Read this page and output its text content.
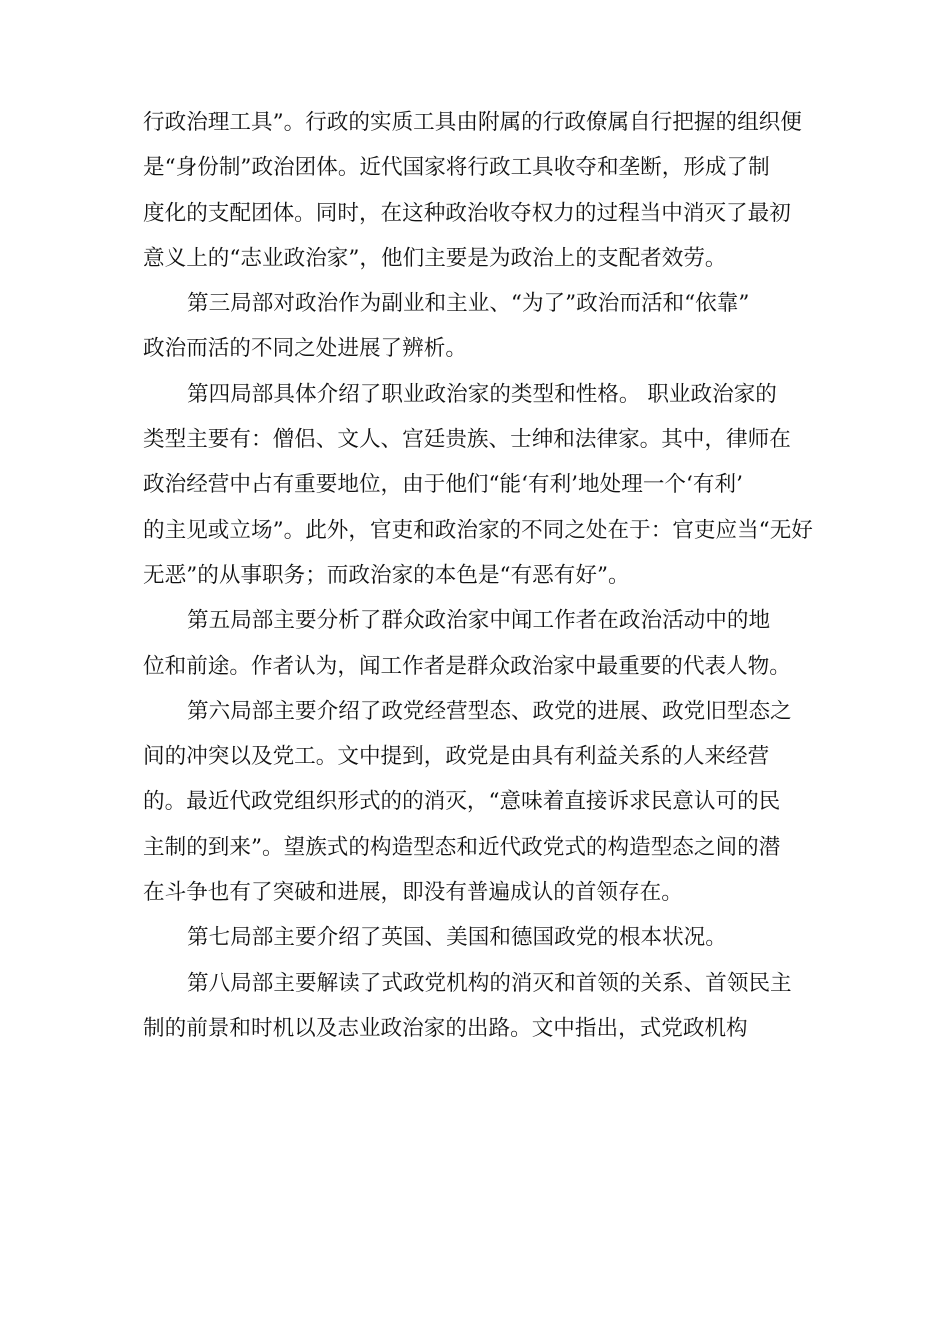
行政治理工具”。行政的实质工具由附属的行政僚属自行把握的组织便
是“身份制”政治团体。近代国家将行政工具收夺和垄断，形成了制
度化的支配团体。同时，在这种政治收夺权力的过程当中消灭了最初
意义上的“志业政治家”，他们主要是为政治上的支配者效劳。
第三局部对政治作为副业和主业、“为了”政治而活和“依靠”
政治而活的不同之处进展了辨析。
第四局部具体介绍了职业政治家的类型和性格。 职业政治家的
类型主要有：僧侣、文人、宫廷贵族、士绅和法律家。其中，律师在
政治经营中占有重要地位，由于他们“能‘有利’地处理一个‘有利’
的主见或立场”。此外，官吏和政治家的不同之处在于：官吏应当“无好
无恶”的从事职务；而政治家的本色是“有恶有好”。
第五局部主要分析了群众政治家中闻工作者在政治活动中的地
位和前途。作者认为，闻工作者是群众政治家中最重要的代表人物。
第六局部主要介绍了政党经营型态、政党的进展、政党旧型态之
间的冲突以及党工。文中提到，政党是由具有利益关系的人来经营
的。最近代政党组织形式的的消灭，“意味着直接诉求民意认可的民
主制的到来”。望族式的构造型态和近代政党式的构造型态之间的潜
在斗争也有了突破和进展，即没有普遍成认的首领存在。
第七局部主要介绍了英国、美国和德国政党的根本状况。
第八局部主要解读了式政党机构的消灭和首领的关系、首领民主
制的前景和时机以及志业政治家的出路。文中指出，式党政机构
